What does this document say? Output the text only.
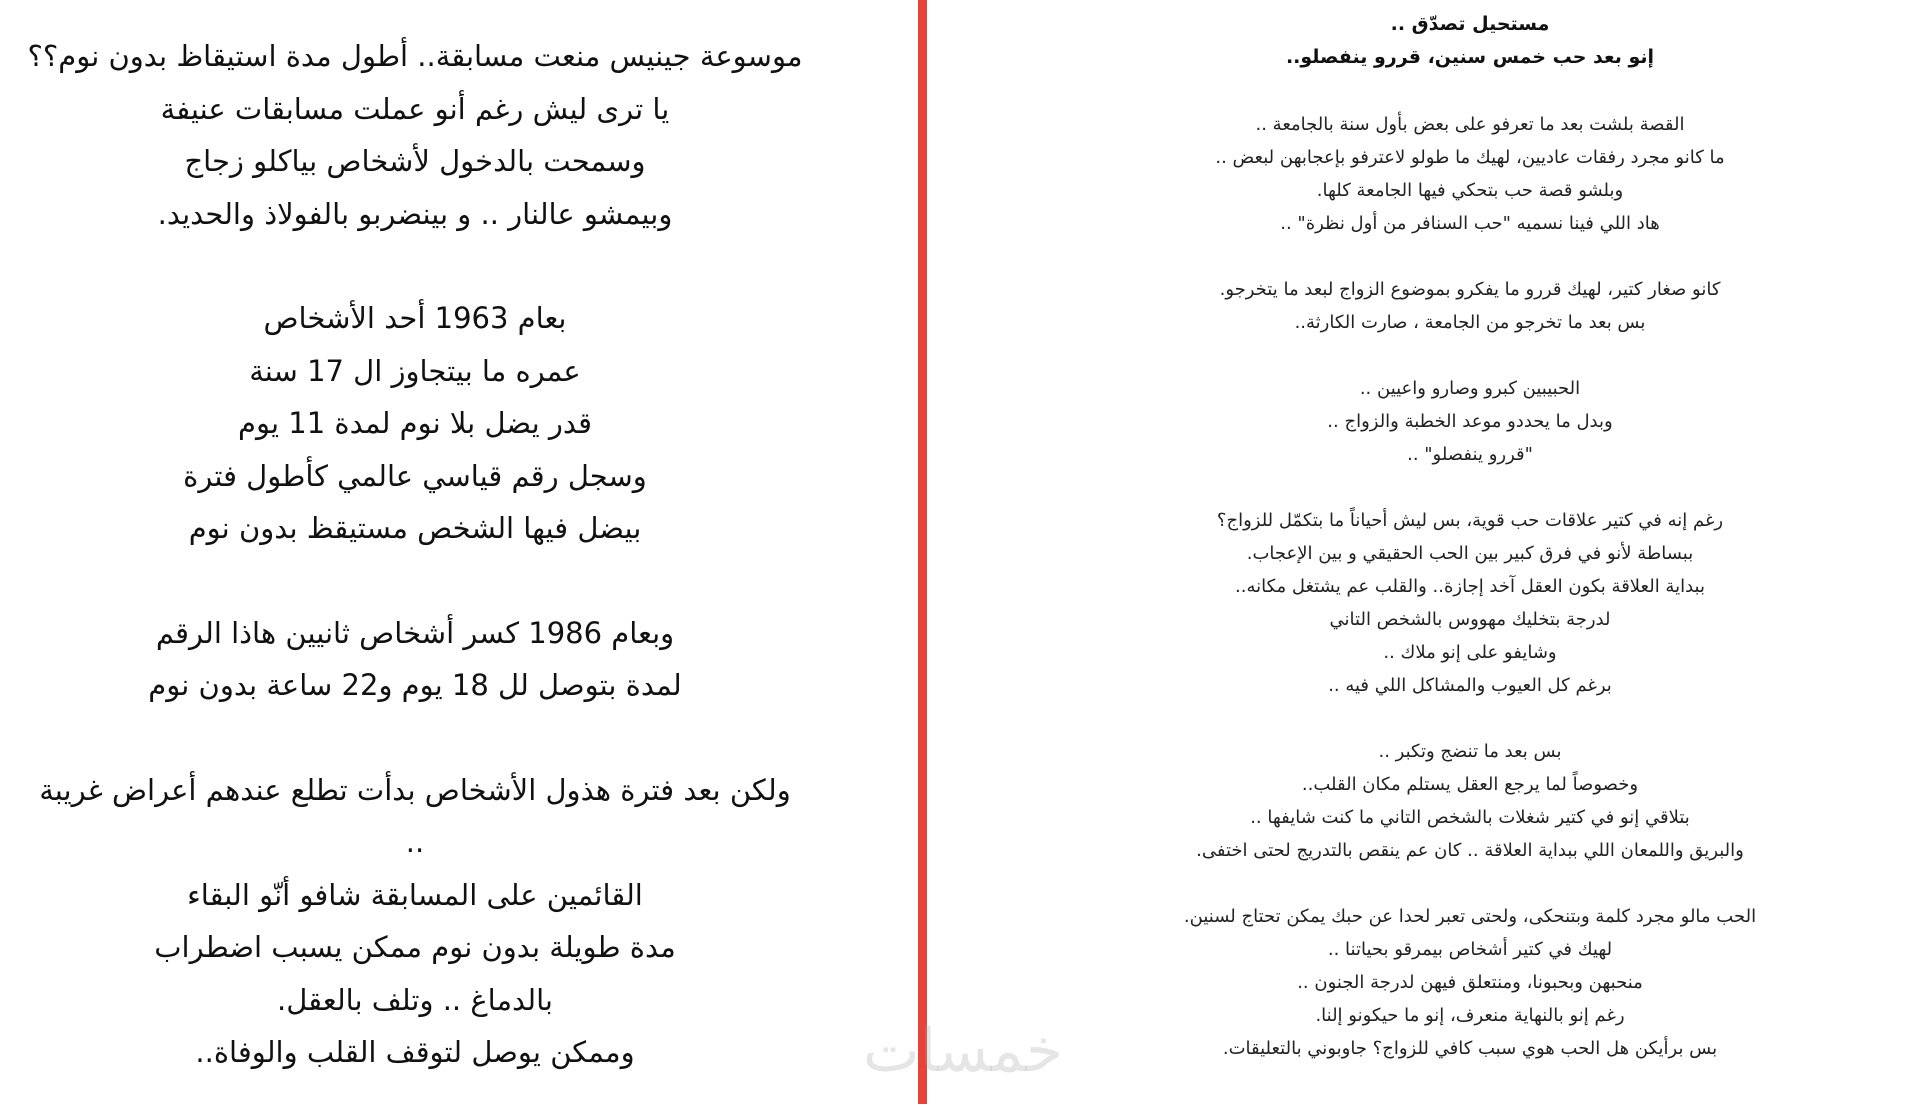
موسوعة جينيس منعت مسابقة.. أطول مدة استيقاظ بدون نوم؟؟
يا ترى ليش رغم أنو عملت مسابقات عنيفة
وسمحت بالدخول لأشخاص بياكلو زجاج
وبيمشو عالنار .. و بينضربو بالفولاذ والحديد.
بعام 1963 أحد الأشخاص
عمره ما بيتجاوز ال 17 سنة
قدر يضل بلا نوم لمدة 11 يوم
وسجل رقم قياسي عالمي كأطول فترة
بيضل فيها الشخص مستيقظ بدون نوم
وبعام 1986 كسر أشخاص ثانيين هاذا الرقم
لمدة بتوصل لل 18 يوم و22 ساعة بدون نوم
ولكن بعد فترة هذول الأشخاص بدأت تطلع عندهم أعراض غريبة
..
القائمين على المسابقة شافو أنّو البقاء
مدة طويلة بدون نوم ممكن يسبب اضطراب
بالدماغ .. وتلف بالعقل.
وممكن يوصل لتوقف القلب والوفاة..
مستحيل تصدّق ..
إنو بعد حب خمس سنين، قررو ينفصلو..
القصة بلشت بعد ما تعرفو على بعض بأول سنة بالجامعة ..
ما كانو مجرد رفقات عاديين، لهيك ما طولو لاعترفو بإعجابهن لبعض ..
وبلشو قصة حب بتحكي فيها الجامعة كلها.
هاد اللي فينا نسميه "حب السنافر من أول نظرة" ..
كانو صغار كتير، لهيك قررو ما يفكرو بموضوع الزواج لبعد ما يتخرجو.
بس بعد ما تخرجو من الجامعة ، صارت الكارثة..
الحبيبين كبرو وصارو واعيين ..
وبدل ما يحددو موعد الخطبة والزواج ..
"قررو ينفصلو" ..
رغم إنه في كتير علاقات حب قوية، بس ليش أحياناً ما بتكمّل للزواج؟
ببساطة لأنو في فرق كبير بين الحب الحقيقي و بين الإعجاب.
ببداية العلاقة بكون العقل آخد إجازة.. والقلب عم يشتغل مكانه..
لدرجة بتخليك مهووس بالشخص التاني
وشايفو على إنو ملاك ..
برغم كل العيوب والمشاكل اللي فيه ..
بس بعد ما تنضج وتكبر ..
وخصوصاً لما يرجع العقل يستلم مكان القلب..
بتلاقي إنو في كتير شغلات بالشخص التاني ما كنت شايفها ..
والبريق واللمعان اللي ببداية العلاقة .. كان عم ينقص بالتدريج لحتى اختفى.
الحب مالو مجرد كلمة وبتنحكى، ولحتى تعبر لحدا عن حبك يمكن تحتاج لسنين.
لهيك في كتير أشخاص بيمرقو بحياتنا ..
منحبهن وبحبونا، ومنتعلق فيهن لدرجة الجنون ..
رغم إنو بالنهاية منعرف، إنو ما حيكونو إلنا.
بس برأيكن هل الحب هوي سبب كافي للزواج؟ جاوبوني بالتعليقات.
خمسات
